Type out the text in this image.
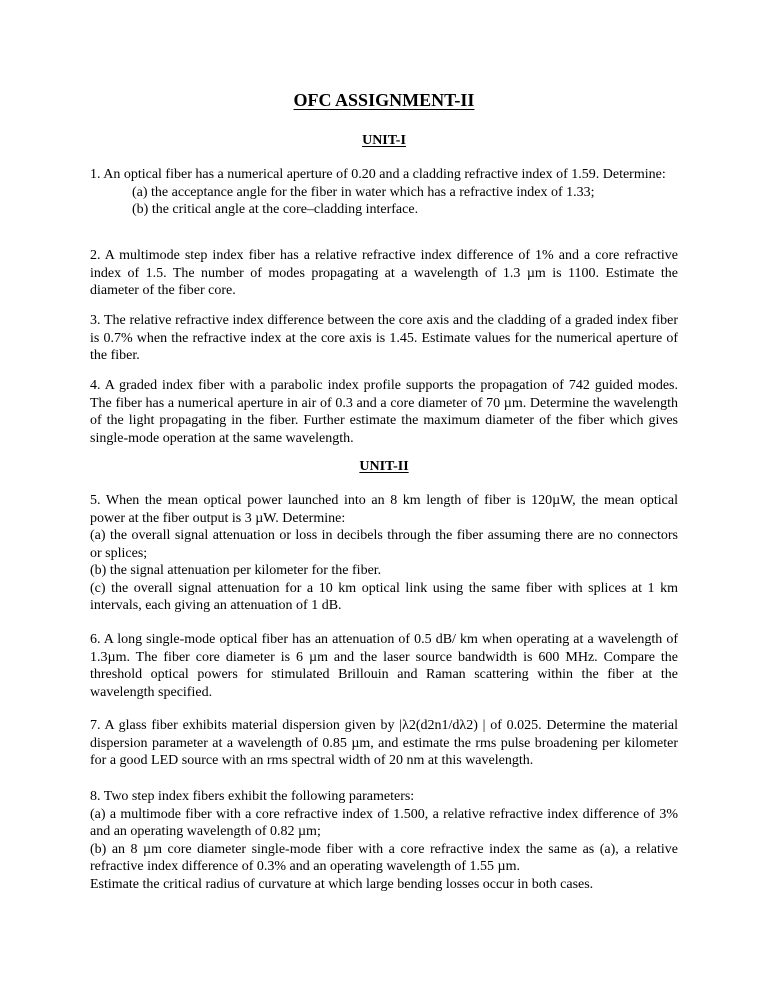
OFC ASSIGNMENT-II
UNIT-I

1. An optical fiber has a numerical aperture of 0.20 and a cladding refractive index of 1.59. Determine:

(a) the acceptance angle for the fiber in water which has a refractive index of 1.33;

(b) the critical angle at the core–cladding interface.

2. A multimode step index fiber has a relative refractive index difference of 1% and a core refractive index of 1.5. The number of modes propagating at a wavelength of 1.3 µm is 1100. Estimate the diameter of the fiber core.

3. The relative refractive index difference between the core axis and the cladding of a graded index fiber is 0.7% when the refractive index at the core axis is 1.45. Estimate values for the numerical aperture of the fiber.

4. A graded index fiber with a parabolic index profile supports the propagation of 742 guided modes. The fiber has a numerical aperture in air of 0.3 and a core diameter of 70 µm. Determine the wavelength of the light propagating in the fiber. Further estimate the maximum diameter of the fiber which gives single-mode operation at the same wavelength.

UNIT-II

5. When the mean optical power launched into an 8 km length of fiber is 120µW, the mean optical power at the fiber output is 3 µW. Determine:

(a) the overall signal attenuation or loss in decibels through the fiber assuming there are no connectors or splices;

(b) the signal attenuation per kilometer for the fiber.

(c) the overall signal attenuation for a 10 km optical link using the same fiber with splices at 1 km intervals, each giving an attenuation of 1 dB.

6. A long single-mode optical fiber has an attenuation of 0.5 dB/ km when operating at a wavelength of 1.3µm. The fiber core diameter is 6 µm and the laser source bandwidth is 600 MHz. Compare the threshold optical powers for stimulated Brillouin and Raman scattering within the fiber at the wavelength specified.

7. A glass fiber exhibits material dispersion given by |λ2(d2n1/dλ2) | of 0.025. Determine the material dispersion parameter at a wavelength of 0.85 µm, and estimate the rms pulse broadening per kilometer for a good LED source with an rms spectral width of 20 nm at this wavelength.

8. Two step index fibers exhibit the following parameters:

(a) a multimode fiber with a core refractive index of 1.500, a relative refractive index difference of 3% and an operating wavelength of 0.82 µm;

(b) an 8 µm core diameter single-mode fiber with a core refractive index the same as (a), a relative refractive index difference of 0.3% and an operating wavelength of 1.55 µm.

Estimate the critical radius of curvature at which large bending losses occur in both cases.
